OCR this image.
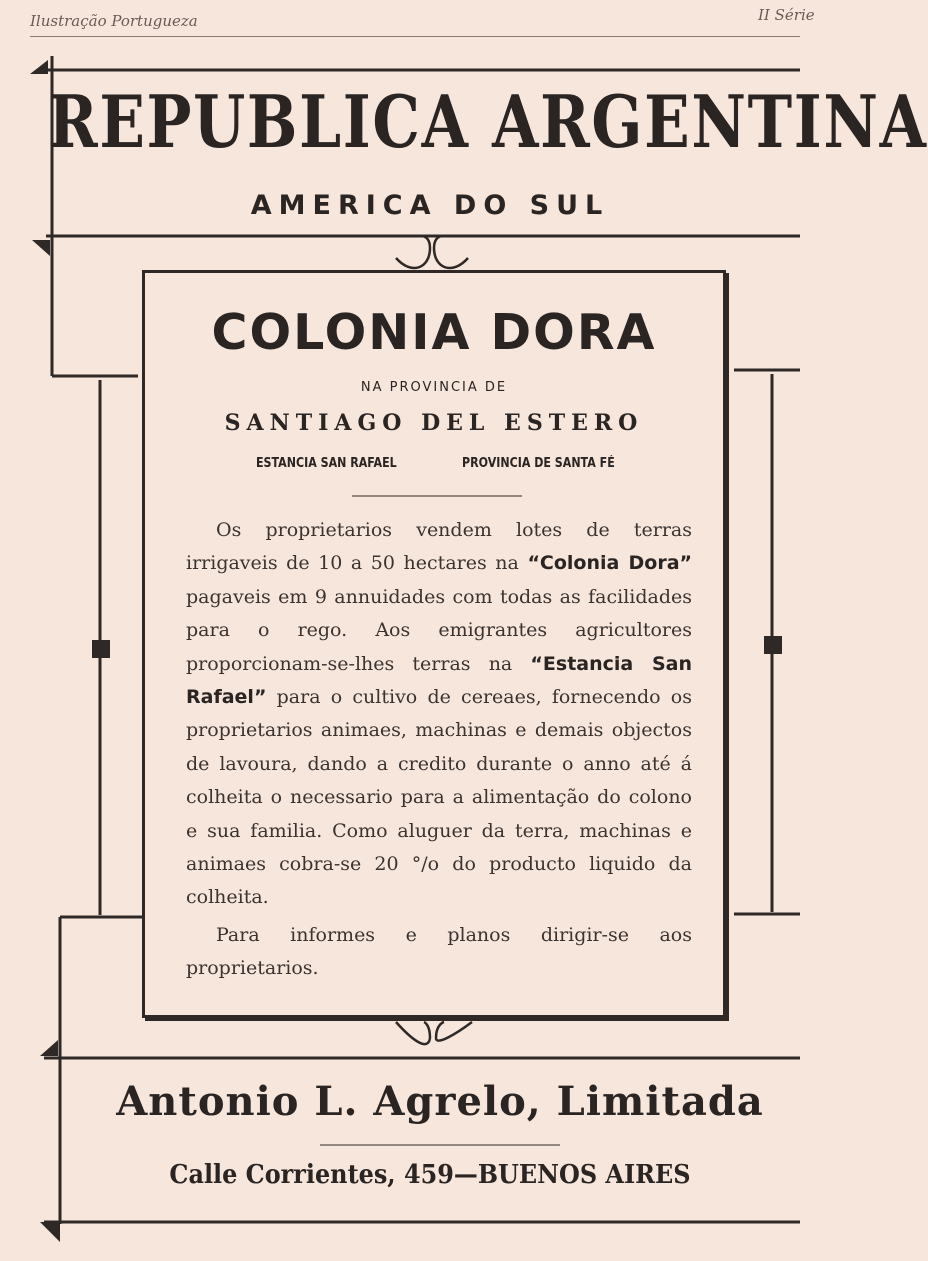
Ilustração Portugueza	II Série
REPUBLICA ARGENTINA
AMERICA DO SUL
COLONIA DORA
NA PROVINCIA DE
SANTIAGO DEL ESTERO
ESTANCIA SAN RAFAEL	PROVINCIA DE SANTA FÉ
Os proprietarios vendem lotes de terras irrigaveis de 10 a 50 hectares na “Colonia Dora” pagaveis em 9 annuidades com todas as facilidades para o rego. Aos emigrantes agricultores proporcionam-se-lhes terras na “Estancia San Rafael” para o cultivo de cereaes, fornecendo os proprietarios animaes, machinas e demais objectos de lavoura, dando a credito durante o anno até á colheita o necessario para a alimentação do colono e sua familia. Como aluguer da terra, machinas e animaes cobra-se 20 °/o do producto liquido da colheita.
Para informes e planos dirigir-se aos proprietarios.
Antonio L. Agrelo, Limitada
Calle Corrientes, 459—BUENOS AIRES
